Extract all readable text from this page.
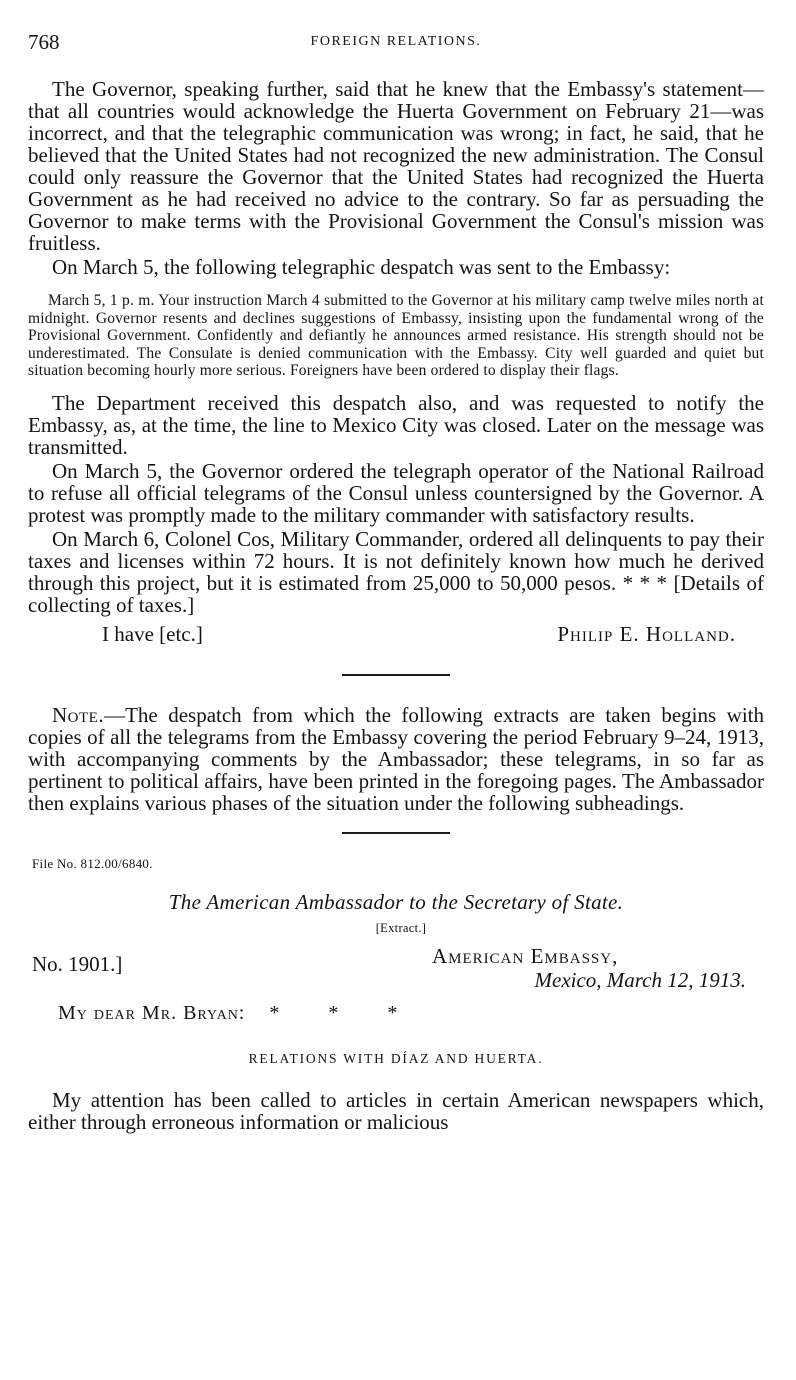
768	FOREIGN RELATIONS.

The Governor, speaking further, said that he knew that the Embassy's statement—that all countries would acknowledge the Huerta Government on February 21—was incorrect, and that the telegraphic communication was wrong; in fact, he said, that he believed that the United States had not recognized the new administration. The Consul could only reassure the Governor that the United States had recognized the Huerta Government as he had received no advice to the contrary. So far as persuading the Governor to make terms with the Provisional Government the Consul's mission was fruitless.

On March 5, the following telegraphic despatch was sent to the Embassy:

March 5, 1 p. m. Your instruction March 4 submitted to the Governor at his military camp twelve miles north at midnight. Governor resents and declines suggestions of Embassy, insisting upon the fundamental wrong of the Provisional Government. Confidently and defiantly he announces armed resistance. His strength should not be underestimated. The Consulate is denied communication with the Embassy. City well guarded and quiet but situation becoming hourly more serious. Foreigners have been ordered to display their flags.

The Department received this despatch also, and was requested to notify the Embassy, as, at the time, the line to Mexico City was closed. Later on the message was transmitted.

On March 5, the Governor ordered the telegraph operator of the National Railroad to refuse all official telegrams of the Consul unless countersigned by the Governor. A protest was promptly made to the military commander with satisfactory results.

On March 6, Colonel Cos, Military Commander, ordered all delinquents to pay their taxes and licenses within 72 hours. It is not definitely known how much he derived through this project, but it is estimated from 25,000 to 50,000 pesos. * * * [Details of collecting of taxes.]

I have [etc.]	Philip E. Holland.

Note.—The despatch from which the following extracts are taken begins with copies of all the telegrams from the Embassy covering the period February 9–24, 1913, with accompanying comments by the Ambassador; these telegrams, in so far as pertinent to political affairs, have been printed in the foregoing pages. The Ambassador then explains various phases of the situation under the following subheadings.

File No. 812.00/6840.
The American Ambassador to the Secretary of State.
[Extract.]
No. 1901.]	American Embassy,
Mexico, March 12, 1913.
My dear Mr. Bryan: * * *
RELATIONS WITH DÍAZ AND HUERTA.

My attention has been called to articles in certain American newspapers which, either through erroneous information or malicious
